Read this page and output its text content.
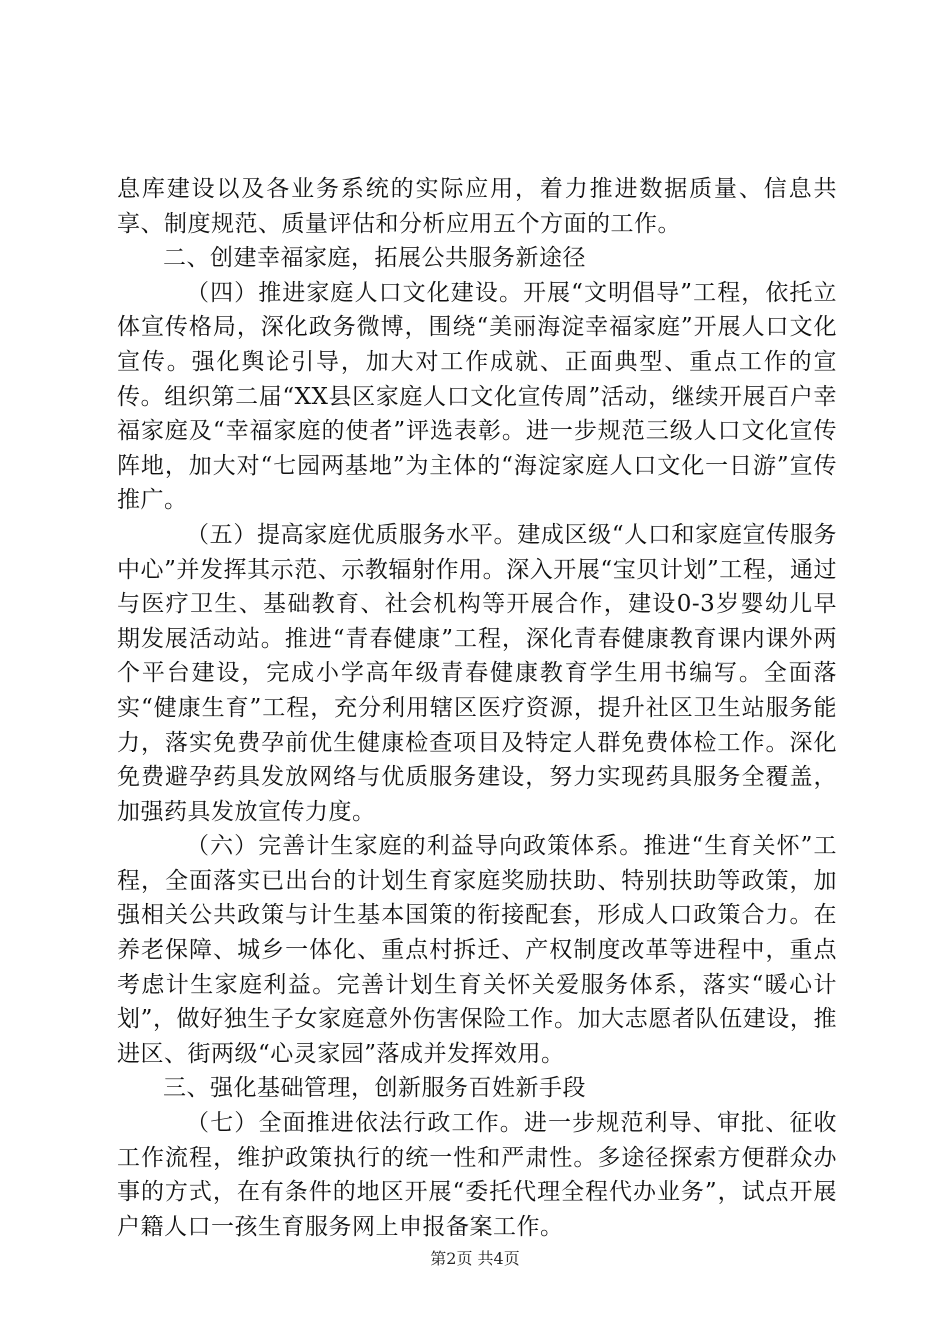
息库建设以及各业务系统的实际应用，着力推进数据质量、信息共享、制度规范、质量评估和分析应用五个方面的工作。

二、创建幸福家庭，拓展公共服务新途径

（四）推进家庭人口文化建设。开展“文明倡导”工程，依托立体宣传格局，深化政务微博，围绕“美丽海淀幸福家庭”开展人口文化宣传。强化舆论引导，加大对工作成就、正面典型、重点工作的宣传。组织第二届“XX县区家庭人口文化宣传周”活动，继续开展百户幸福家庭及“幸福家庭的使者”评选表彰。进一步规范三级人口文化宣传阵地，加大对“七园两基地”为主体的“海淀家庭人口文化一日游”宣传推广。

（五）提高家庭优质服务水平。建成区级“人口和家庭宣传服务中心”并发挥其示范、示教辐射作用。深入开展“宝贝计划”工程，通过与医疗卫生、基础教育、社会机构等开展合作，建设0-3岁婴幼儿早期发展活动站。推进“青春健康”工程，深化青春健康教育课内课外两个平台建设，完成小学高年级青春健康教育学生用书编写。全面落实“健康生育”工程，充分利用辖区医疗资源，提升社区卫生站服务能力，落实免费孕前优生健康检查项目及特定人群免费体检工作。深化免费避孕药具发放网络与优质服务建设，努力实现药具服务全覆盖，加强药具发放宣传力度。

（六）完善计生家庭的利益导向政策体系。推进“生育关怀”工程，全面落实已出台的计划生育家庭奖励扶助、特别扶助等政策，加强相关公共政策与计生基本国策的衔接配套，形成人口政策合力。在养老保障、城乡一体化、重点村拆迁、产权制度改革等进程中，重点考虑计生家庭利益。完善计划生育关怀关爱服务体系，落实“暖心计划”，做好独生子女家庭意外伤害保险工作。加大志愿者队伍建设，推进区、街两级“心灵家园”落成并发挥效用。

三、强化基础管理，创新服务百姓新手段

（七）全面推进依法行政工作。进一步规范利导、审批、征收工作流程，维护政策执行的统一性和严肃性。多途径探索方便群众办事的方式，在有条件的地区开展“委托代理全程代办业务”，试点开展户籍人口一孩生育服务网上申报备案工作。

第2页 共4页
